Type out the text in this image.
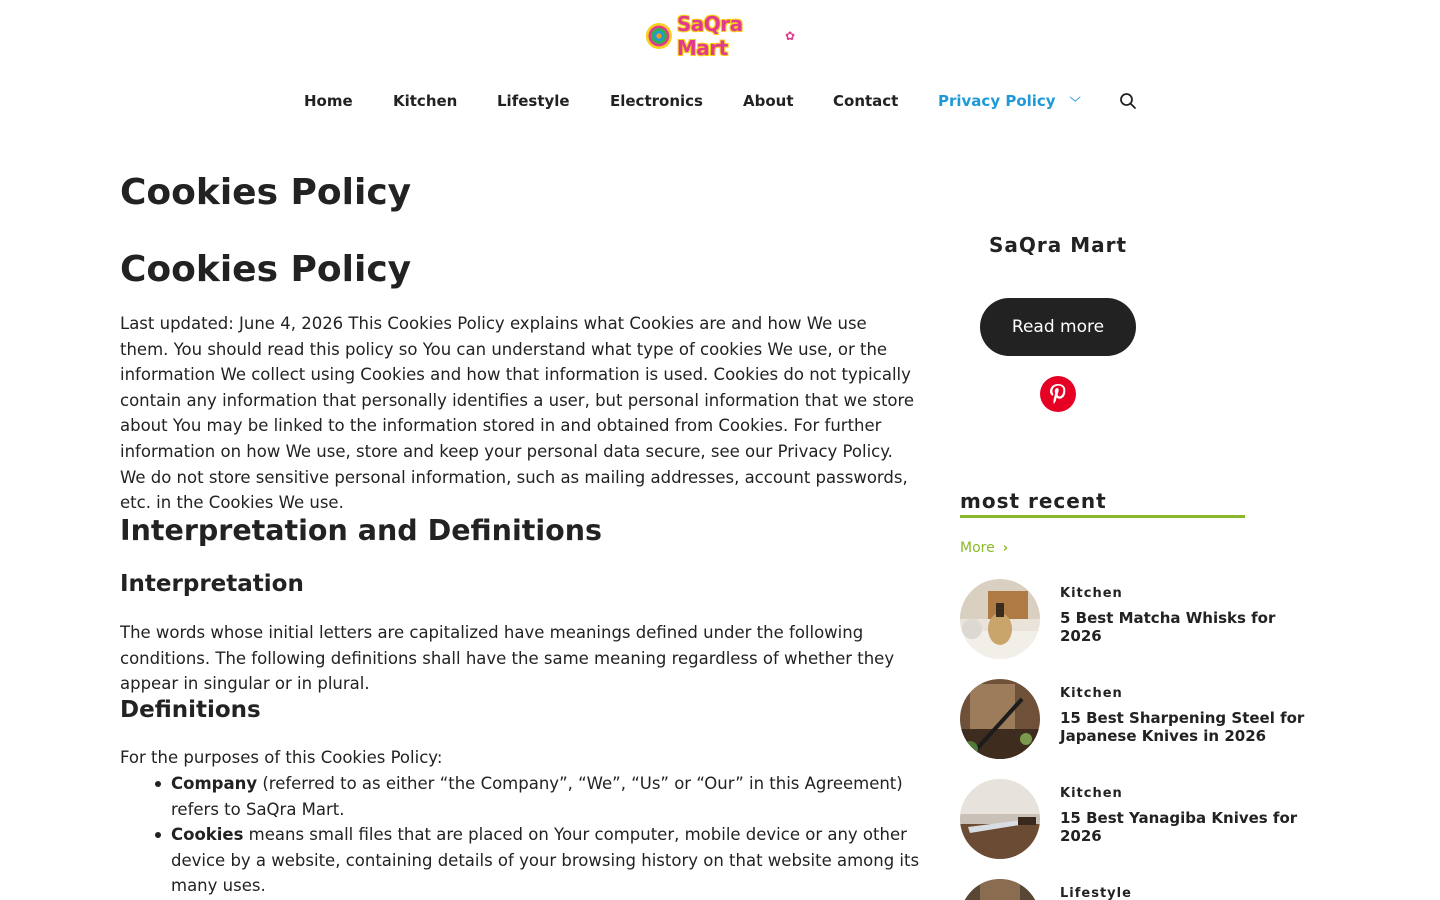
SaQra Mart	✿
Home	Kitchen	Lifestyle	Electronics	About	Contact	Privacy Policy ﹀
Cookies Policy
Cookies Policy

Last updated: June 4, 2026 This Cookies Policy explains what Cookies are and how We use them. You should read this policy so You can understand what type of cookies We use, or the information We collect using Cookies and how that information is used. Cookies do not typically contain any information that personally identifies a user, but personal information that we store about You may be linked to the information stored in and obtained from Cookies. For further information on how We use, store and keep your personal data secure, see our Privacy Policy. We do not store sensitive personal information, such as mailing addresses, account passwords, etc. in the Cookies We use.

Interpretation and Definitions
Interpretation

The words whose initial letters are capitalized have meanings defined under the following conditions. The following definitions shall have the same meaning regardless of whether they appear in singular or in plural.

Definitions

For the purposes of this Cookies Policy:

Company (referred to as either “the Company”, “We”, “Us” or “Our” in this Agreement) refers to SaQra Mart.
Cookies means small files that are placed on Your computer, mobile device or any other device by a website, containing details of your browsing history on that website among its many uses.
SaQra Mart
Read more
most recent
More ›
Kitchen
5 Best Matcha Whisks for 2026
Kitchen
15 Best Sharpening Steel for Japanese Knives in 2026
Kitchen
15 Best Yanagiba Knives for 2026
Lifestyle
